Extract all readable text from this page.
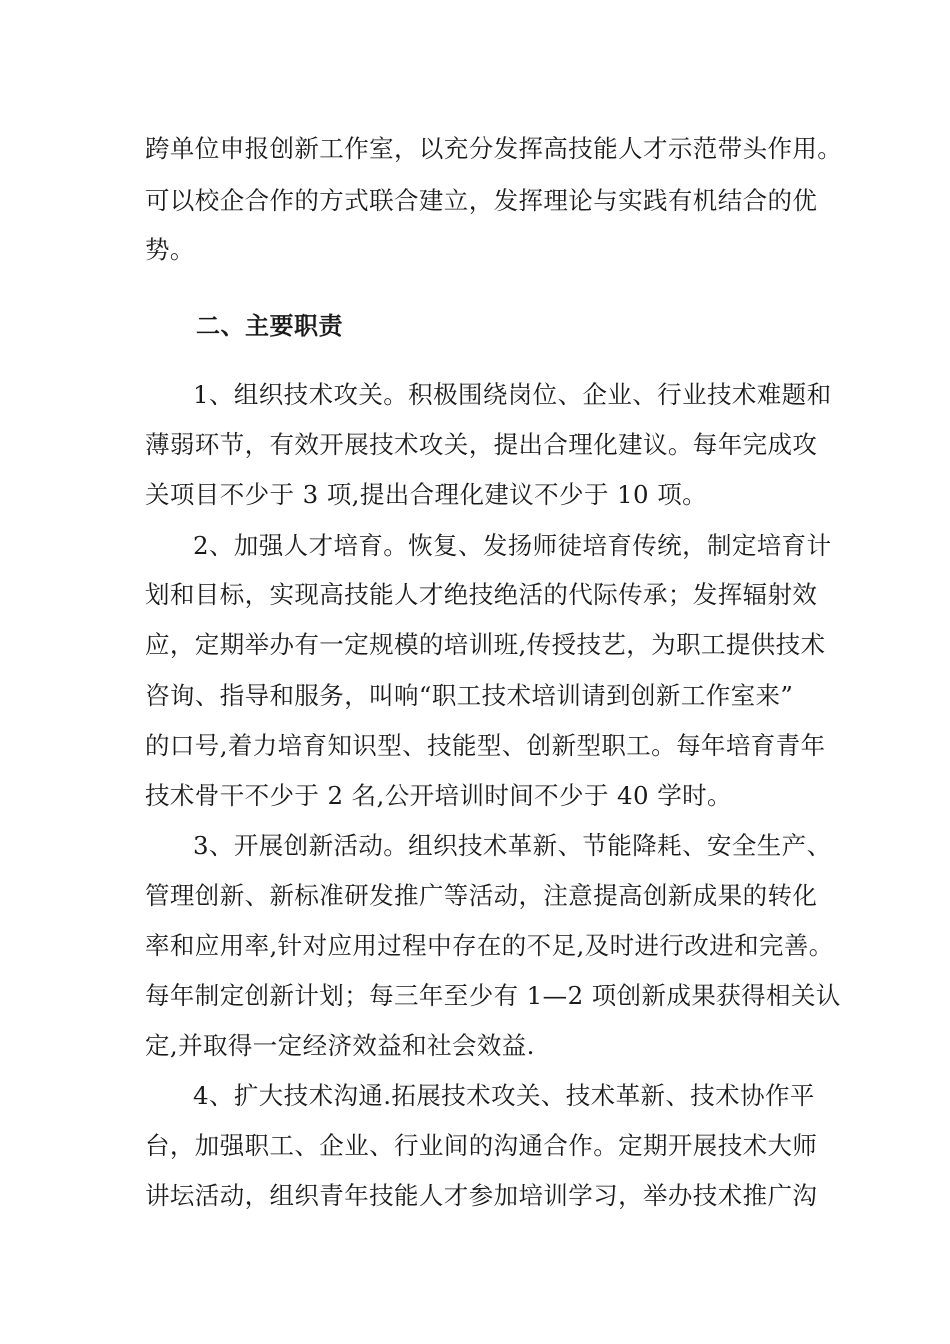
跨单位申报创新工作室，以充分发挥高技能人才示范带头作用。
可以校企合作的方式联合建立，发挥理论与实践有机结合的优
势。
二、主要职责
1、组织技术攻关。积极围绕岗位、企业、行业技术难题和
薄弱环节，有效开展技术攻关，提出合理化建议。每年完成攻
关项目不少于 3 项,提出合理化建议不少于 10 项。
2、加强人才培育。恢复、发扬师徒培育传统，制定培育计
划和目标，实现高技能人才绝技绝活的代际传承；发挥辐射效
应，定期举办有一定规模的培训班,传授技艺，为职工提供技术
咨询、指导和服务，叫响“职工技术培训请到创新工作室来”
的口号,着力培育知识型、技能型、创新型职工。每年培育青年
技术骨干不少于 2 名,公开培训时间不少于 40 学时。
3、开展创新活动。组织技术革新、节能降耗、安全生产、
管理创新、新标准研发推广等活动，注意提高创新成果的转化
率和应用率,针对应用过程中存在的不足,及时进行改进和完善。
每年制定创新计划；每三年至少有 1—2 项创新成果获得相关认
定,并取得一定经济效益和社会效益.
4、扩大技术沟通.拓展技术攻关、技术革新、技术协作平
台，加强职工、企业、行业间的沟通合作。定期开展技术大师
讲坛活动，组织青年技能人才参加培训学习，举办技术推广沟
